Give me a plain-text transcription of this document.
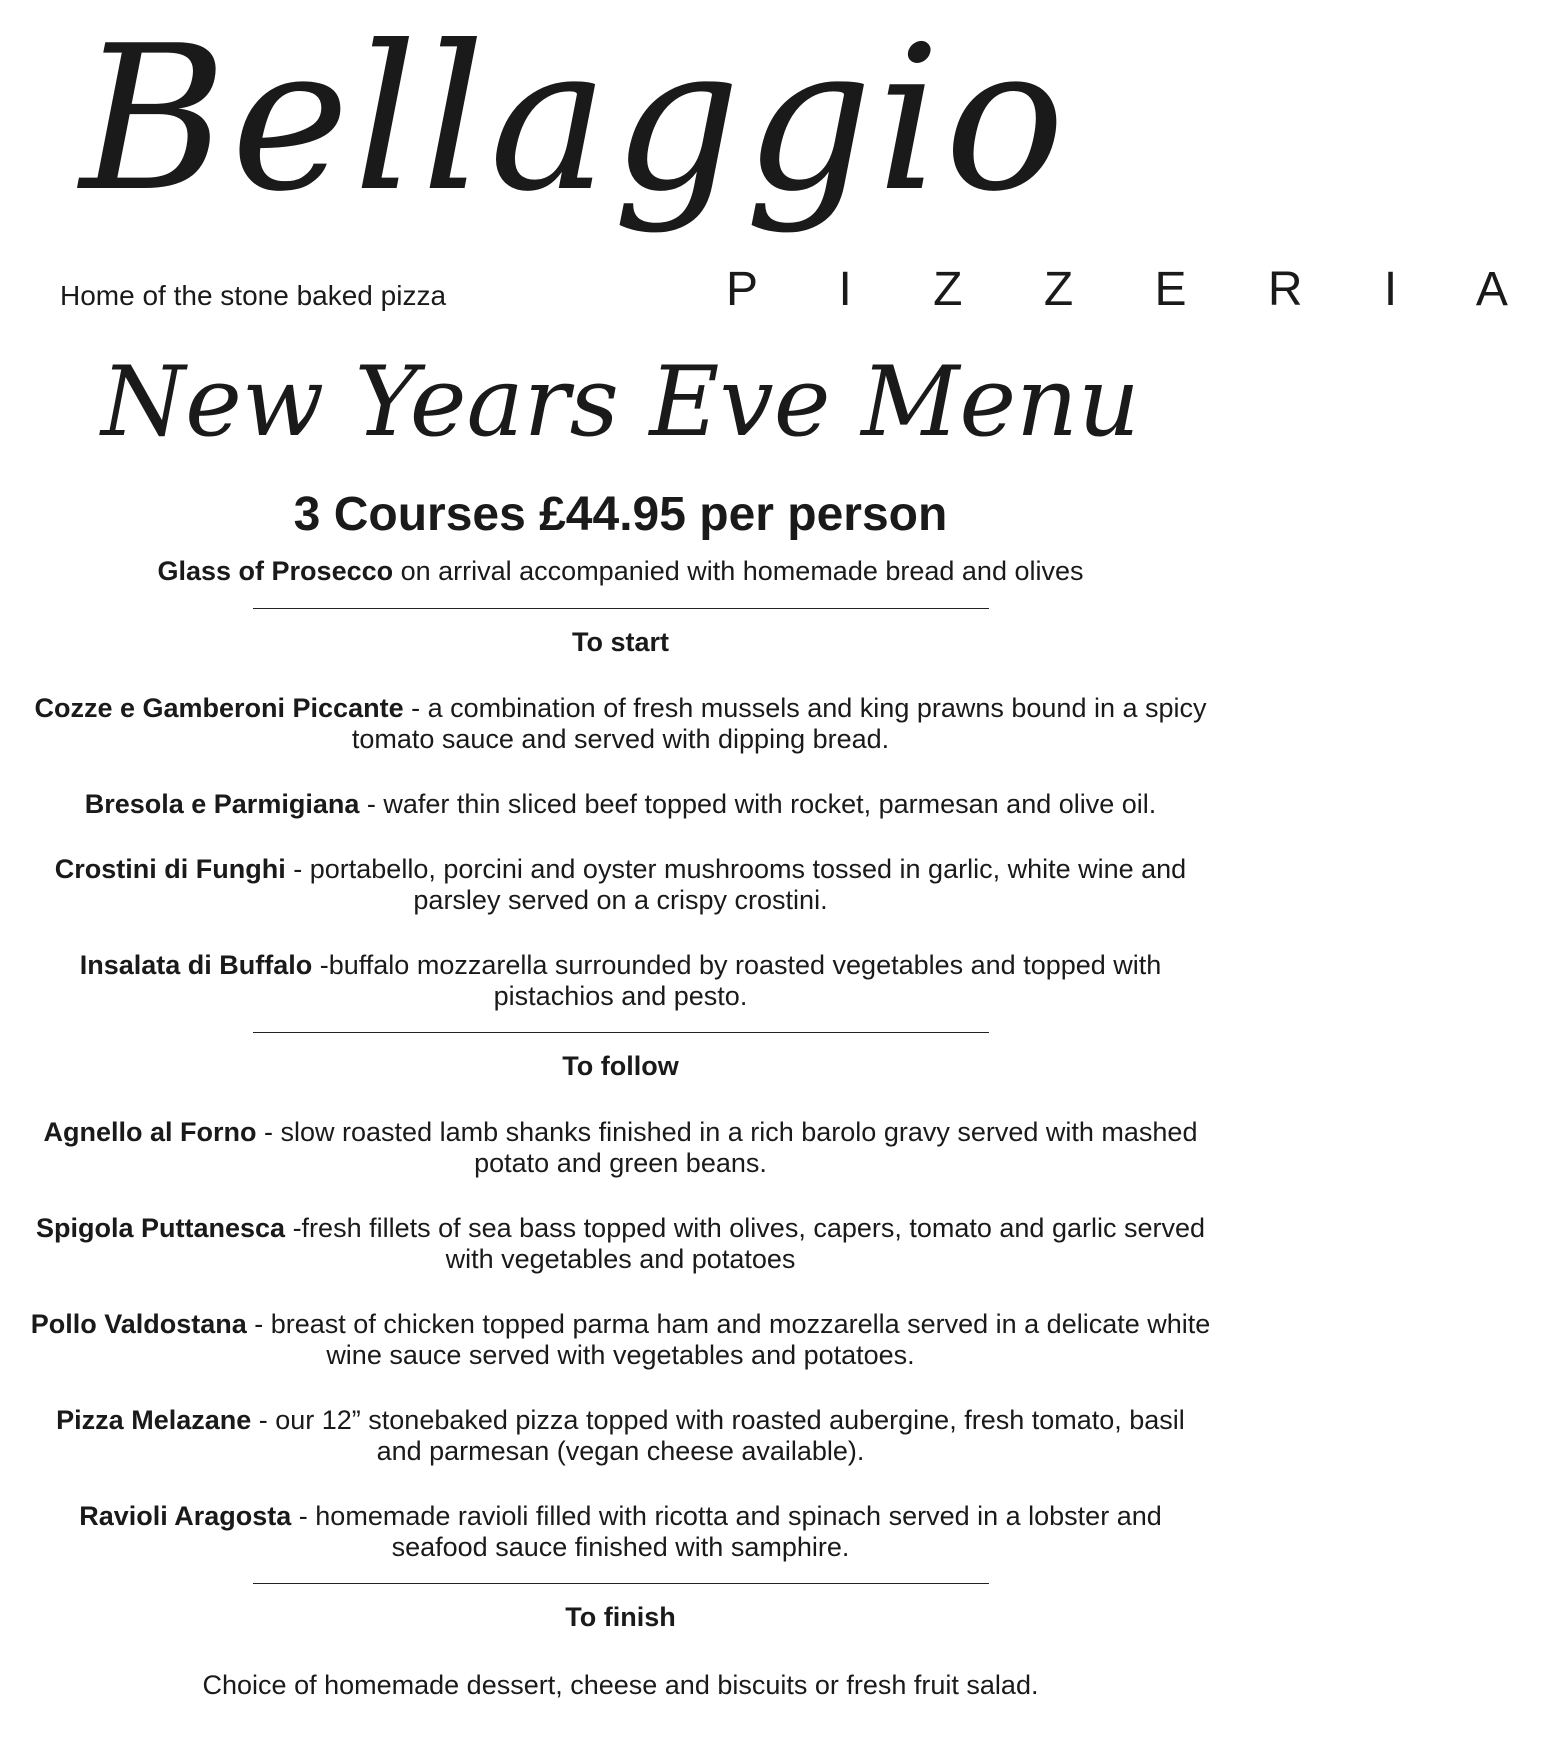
Bellaggio
Home of the stone baked pizza	P I Z Z E R I A
New Years Eve Menu

3 Courses £44.95 per person

Glass of Prosecco on arrival accompanied with homemade bread and olives

To start

Cozze e Gamberoni Piccante - a combination of fresh mussels and king prawns bound in a spicy tomato sauce and served with dipping bread.

Bresola e Parmigiana - wafer thin sliced beef topped with rocket, parmesan and olive oil.

Crostini di Funghi - portabello, porcini and oyster mushrooms tossed in garlic, white wine and parsley served on a crispy crostini.

Insalata di Buffalo -buffalo mozzarella surrounded by roasted vegetables and topped with pistachios and pesto.

To follow

Agnello al Forno - slow roasted lamb shanks finished in a rich barolo gravy served with mashed potato and green beans.

Spigola Puttanesca -fresh fillets of sea bass topped with olives, capers, tomato and garlic served with vegetables and potatoes

Pollo Valdostana - breast of chicken topped parma ham and mozzarella served in a delicate white wine sauce served with vegetables and potatoes.

Pizza Melazane - our 12” stonebaked pizza topped with roasted aubergine, fresh tomato, basil and parmesan (vegan cheese available).

Ravioli Aragosta - homemade ravioli filled with ricotta and spinach served in a lobster and seafood sauce finished with samphire.

To finish

Choice of homemade dessert, cheese and biscuits or fresh fruit salad.
